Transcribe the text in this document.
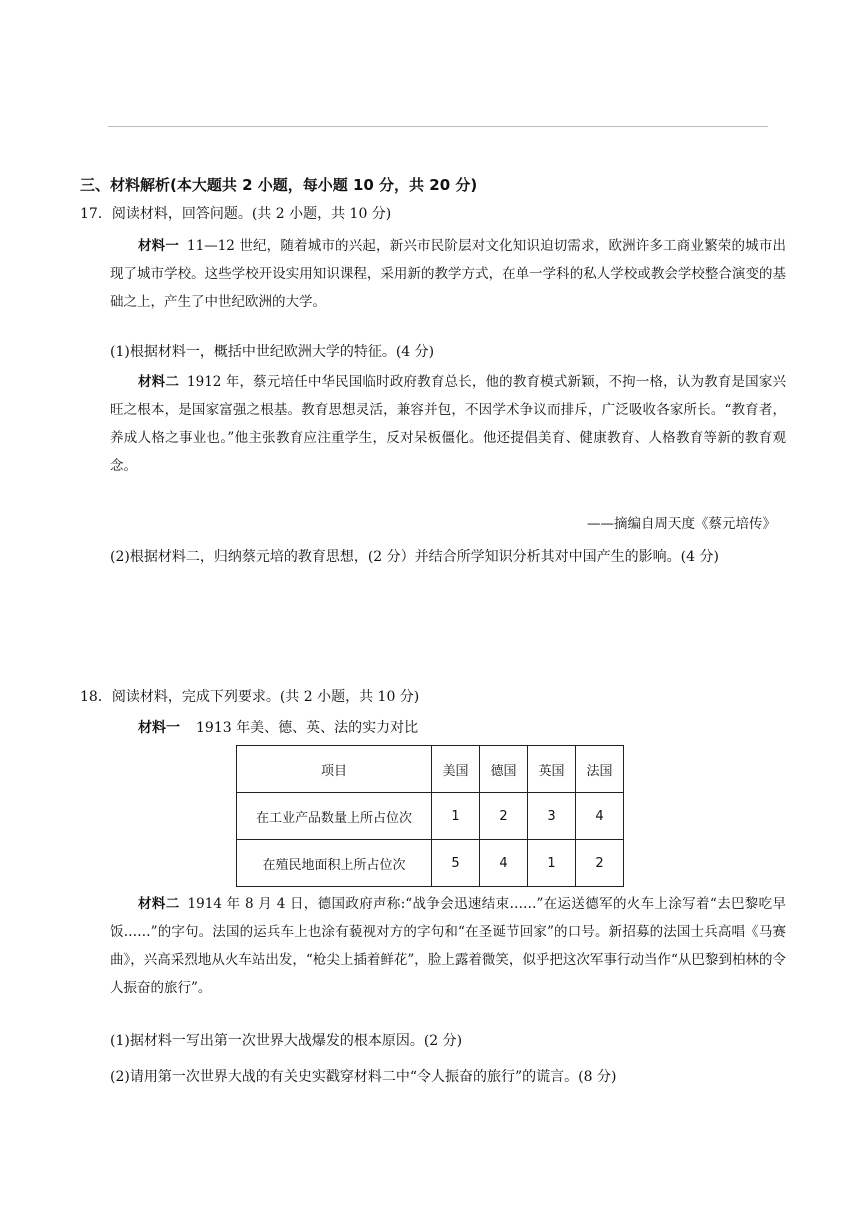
三、材料解析(本大题共 2 小题，每小题 10 分，共 20 分)
17．阅读材料，回答问题。(共 2 小题，共 10 分)
材料一 11—12 世纪，随着城市的兴起，新兴市民阶层对文化知识迫切需求，欧洲许多工商业繁荣的城市出现了城市学校。这些学校开设实用知识课程，采用新的教学方式，在单一学科的私人学校或教会学校整合演变的基础之上，产生了中世纪欧洲的大学。
(1)根据材料一，概括中世纪欧洲大学的特征。(4 分)
材料二 1912 年，蔡元培任中华民国临时政府教育总长，他的教育模式新颖，不拘一格，认为教育是国家兴旺之根本，是国家富强之根基。教育思想灵活，兼容并包，不因学术争议而排斥，广泛吸收各家所长。“教育者，养成人格之事业也。”他主张教育应注重学生，反对呆板僵化。他还提倡美育、健康教育、人格教育等新的教育观念。
——摘编自周天度《蔡元培传》
(2)根据材料二，归纳蔡元培的教育思想，(2 分）并结合所学知识分析其对中国产生的影响。(4 分)
18．阅读材料，完成下列要求。(共 2 小题，共 10 分)
材料一 1913 年美、德、英、法的实力对比
项目	美国	德国	英国	法国
在工业产品数量上所占位次	1	2	3	4
在殖民地面积上所占位次	5	4	1	2
材料二 1914 年 8 月 4 日，德国政府声称:“战争会迅速结束……”在运送德军的火车上涂写着“去巴黎吃早饭……”的字句。法国的运兵车上也涂有藐视对方的字句和“在圣诞节回家”的口号。新招募的法国士兵高唱《马赛曲》，兴高采烈地从火车站出发，“枪尖上插着鲜花”，脸上露着微笑，似乎把这次军事行动当作“从巴黎到柏林的令人振奋的旅行”。
(1)据材料一写出第一次世界大战爆发的根本原因。(2 分)
(2)请用第一次世界大战的有关史实戳穿材料二中“令人振奋的旅行”的谎言。(8 分)
